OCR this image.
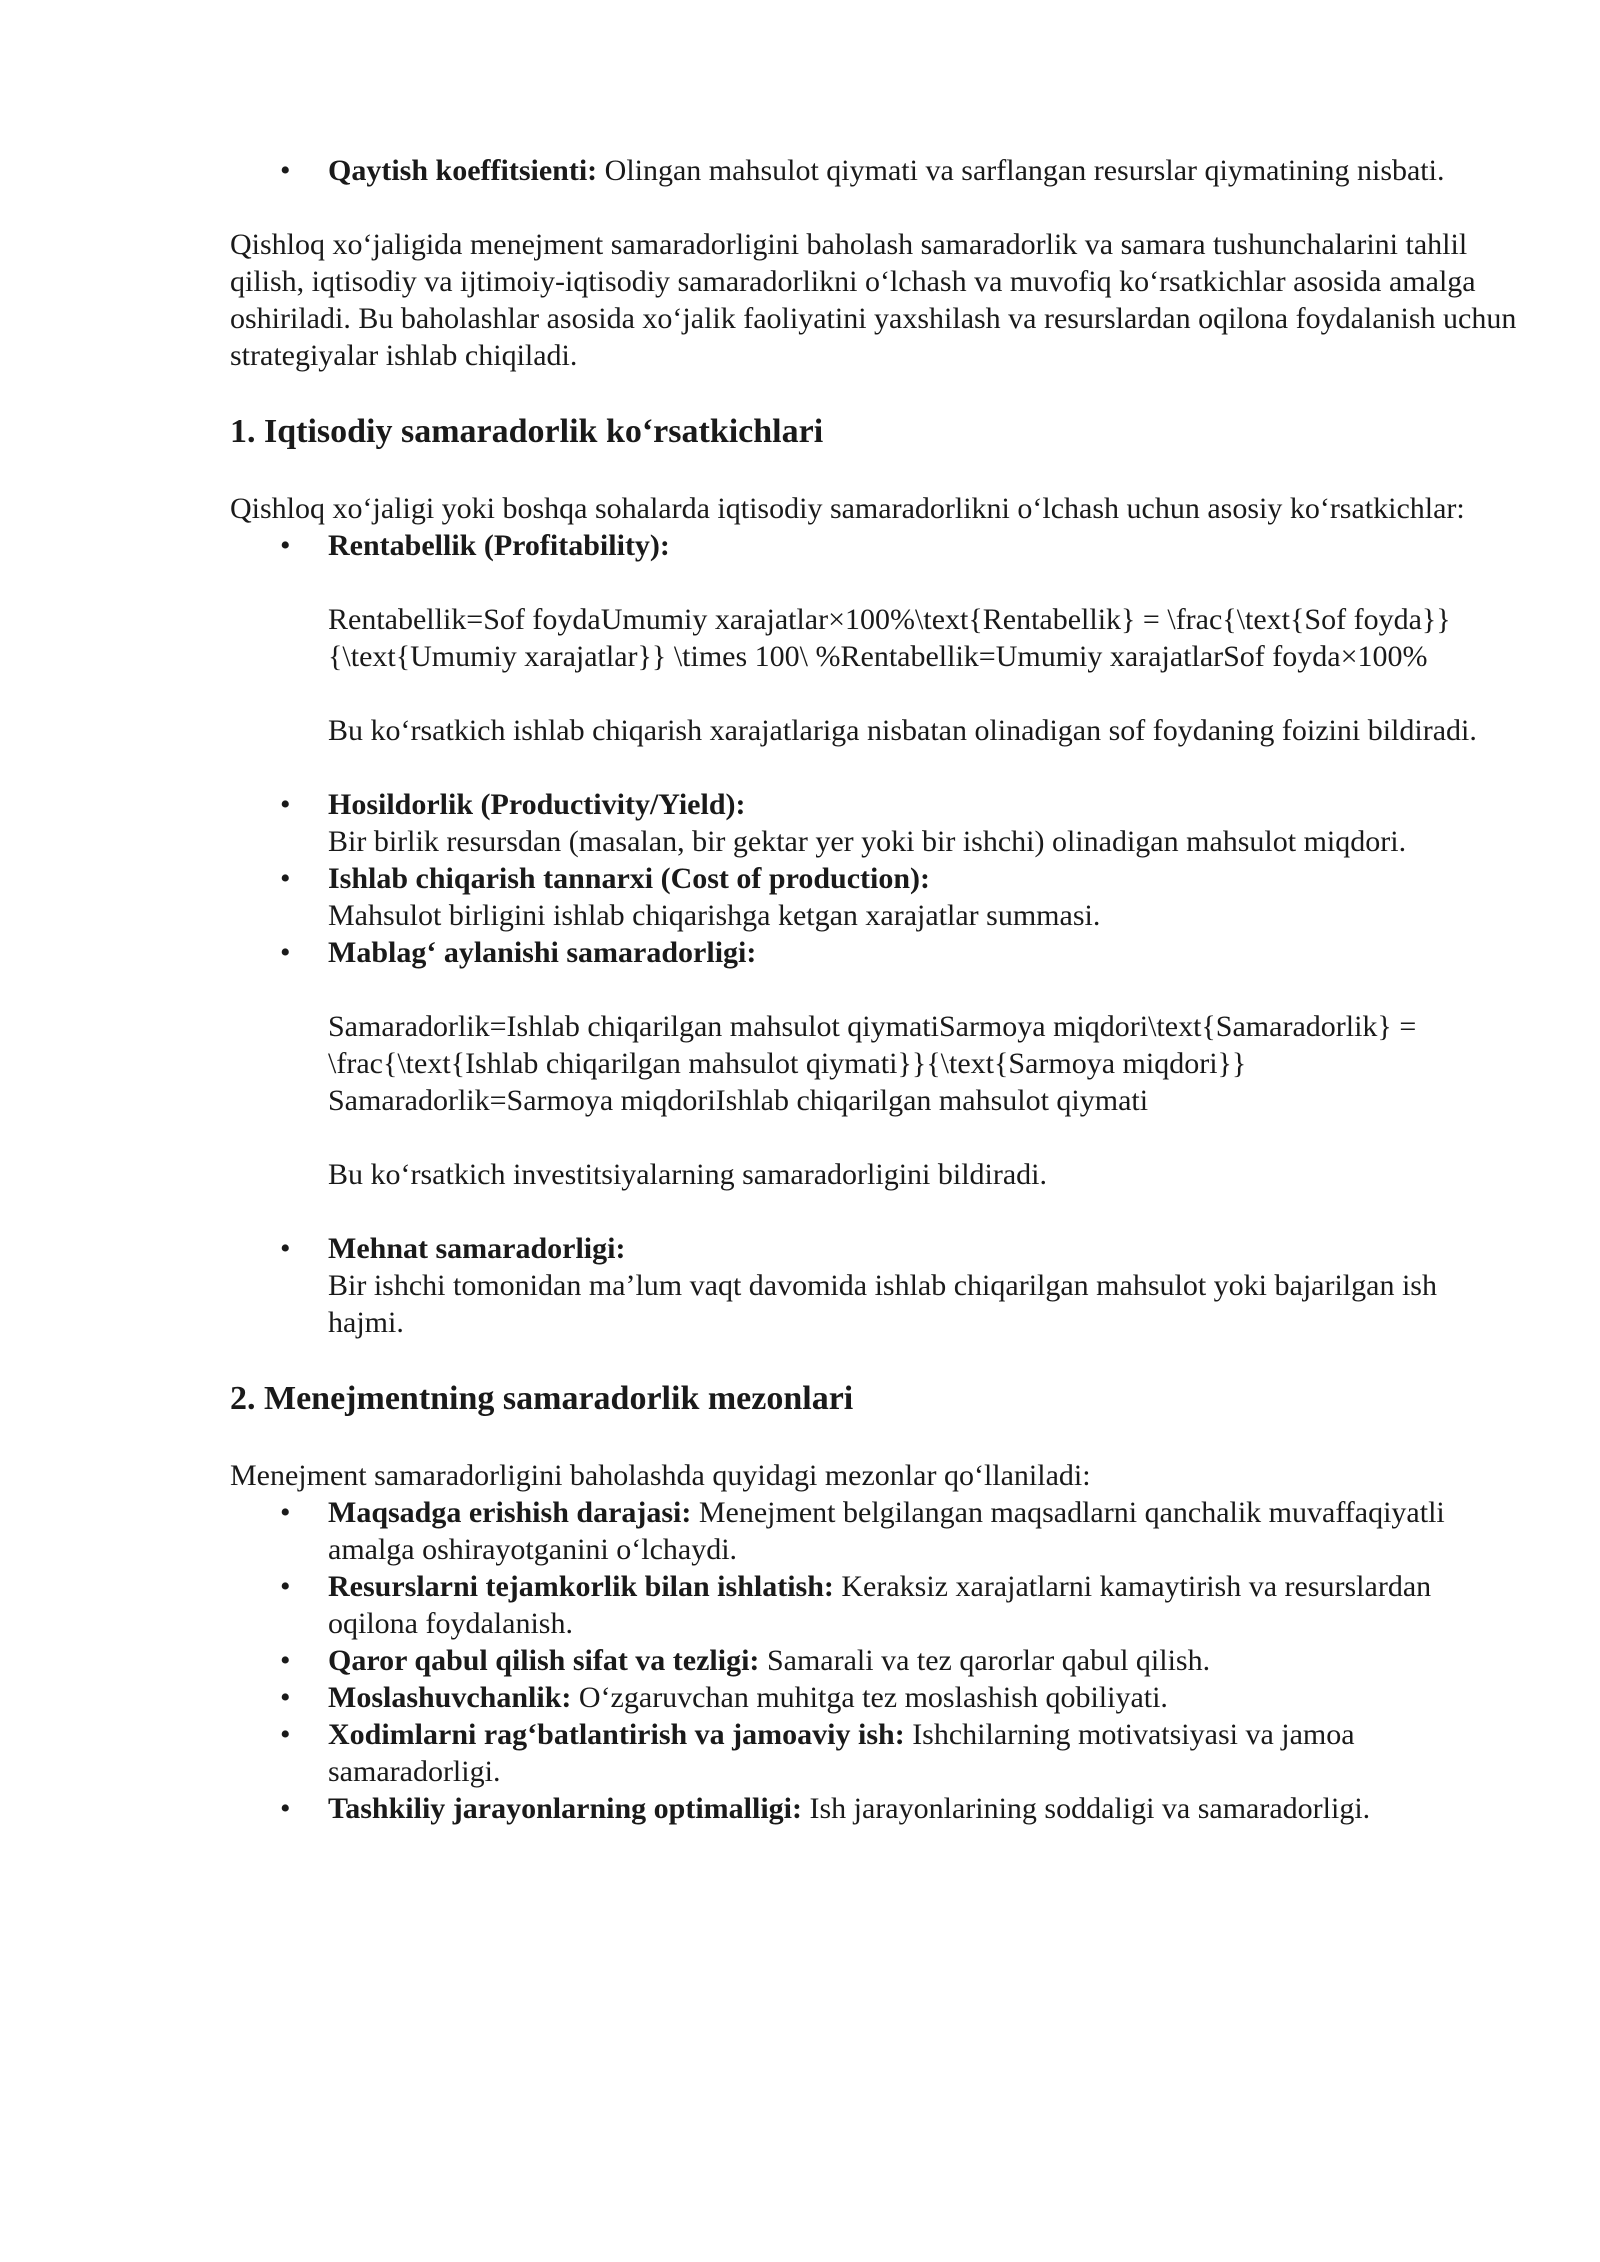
• Qaytish koeffitsienti: Olingan mahsulot qiymati va sarflangan resurslar qiymatining nisbati.

Qishloq xo‘jaligida menejment samaradorligini baholash samaradorlik va samara tushunchalarini tahlil qilish, iqtisodiy va ijtimoiy-iqtisodiy samaradorlikni o‘lchash va muvofiq ko‘rsatkichlar asosida amalga oshiriladi. Bu baholashlar asosida xo‘jalik faoliyatini yaxshilash va resurslardan oqilona foydalanish uchun strategiyalar ishlab chiqiladi.

1. Iqtisodiy samaradorlik ko‘rsatkichlari

Qishloq xo‘jaligi yoki boshqa sohalarda iqtisodiy samaradorlikni o‘lchash uchun asosiy ko‘rsatkichlar:

• Rentabellik (Profitability):
Rentabellik=Sof foydaUmumiy xarajatlar×100%\text{Rentabellik} = \frac{\text{Sof foyda}}{\text{Umumiy xarajatlar}} \times 100\ %Rentabellik=Umumiy xarajatlarSof foyda×100%
Bu ko‘rsatkich ishlab chiqarish xarajatlariga nisbatan olinadigan sof foydaning foizini bildiradi.
• Hosildorlik (Productivity/Yield):
Bir birlik resursdan (masalan, bir gektar yer yoki bir ishchi) olinadigan mahsulot miqdori.
• Ishlab chiqarish tannarxi (Cost of production):
Mahsulot birligini ishlab chiqarishga ketgan xarajatlar summasi.
• Mablag‘ aylanishi samaradorligi:
Samaradorlik=Ishlab chiqarilgan mahsulot qiymatiSarmoya miqdori\text{Samaradorlik} = \frac{\text{Ishlab chiqarilgan mahsulot qiymati}}{\text{Sarmoya miqdori}} Samaradorlik=Sarmoya miqdoriIshlab chiqarilgan mahsulot qiymati
Bu ko‘rsatkich investitsiyalarning samaradorligini bildiradi.
• Mehnat samaradorligi:
Bir ishchi tomonidan ma’lum vaqt davomida ishlab chiqarilgan mahsulot yoki bajarilgan ish hajmi.
2. Menejmentning samaradorlik mezonlari

Menejment samaradorligini baholashda quyidagi mezonlar qo‘llaniladi:

• Maqsadga erishish darajasi: Menejment belgilangan maqsadlarni qanchalik muvaffaqiyatli amalga oshirayotganini o‘lchaydi.
• Resurslarni tejamkorlik bilan ishlatish: Keraksiz xarajatlarni kamaytirish va resurslardan oqilona foydalanish.
• Qaror qabul qilish sifat va tezligi: Samarali va tez qarorlar qabul qilish.
• Moslashuvchanlik: O‘zgaruvchan muhitga tez moslashish qobiliyati.
• Xodimlarni rag‘batlantirish va jamoaviy ish: Ishchilarning motivatsiyasi va jamoa samaradorligi.
• Tashkiliy jarayonlarning optimalligi: Ish jarayonlarining soddaligi va samaradorligi.
